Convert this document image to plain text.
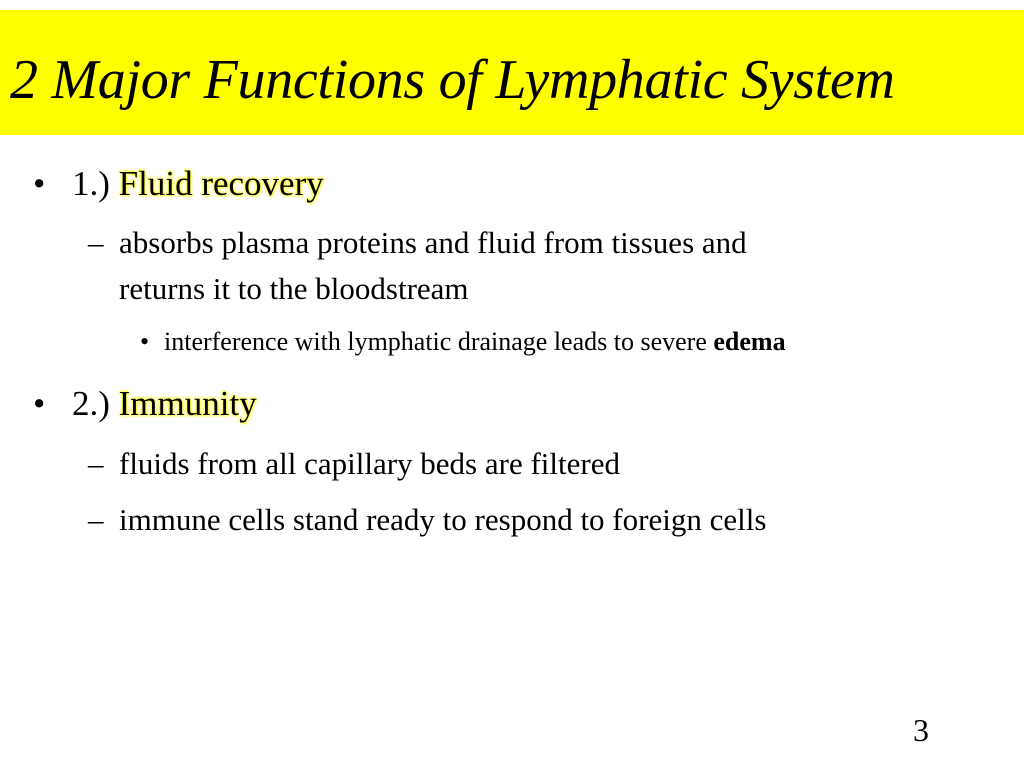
2 Major Functions of Lymphatic System
• 1.) Fluid recovery
– absorbs plasma proteins and fluid from tissues and
returns it to the bloodstream
• interference with lymphatic drainage leads to severe edema
• 2.) Immunity
– fluids from all capillary beds are filtered
– immune cells stand ready to respond to foreign cells
3
